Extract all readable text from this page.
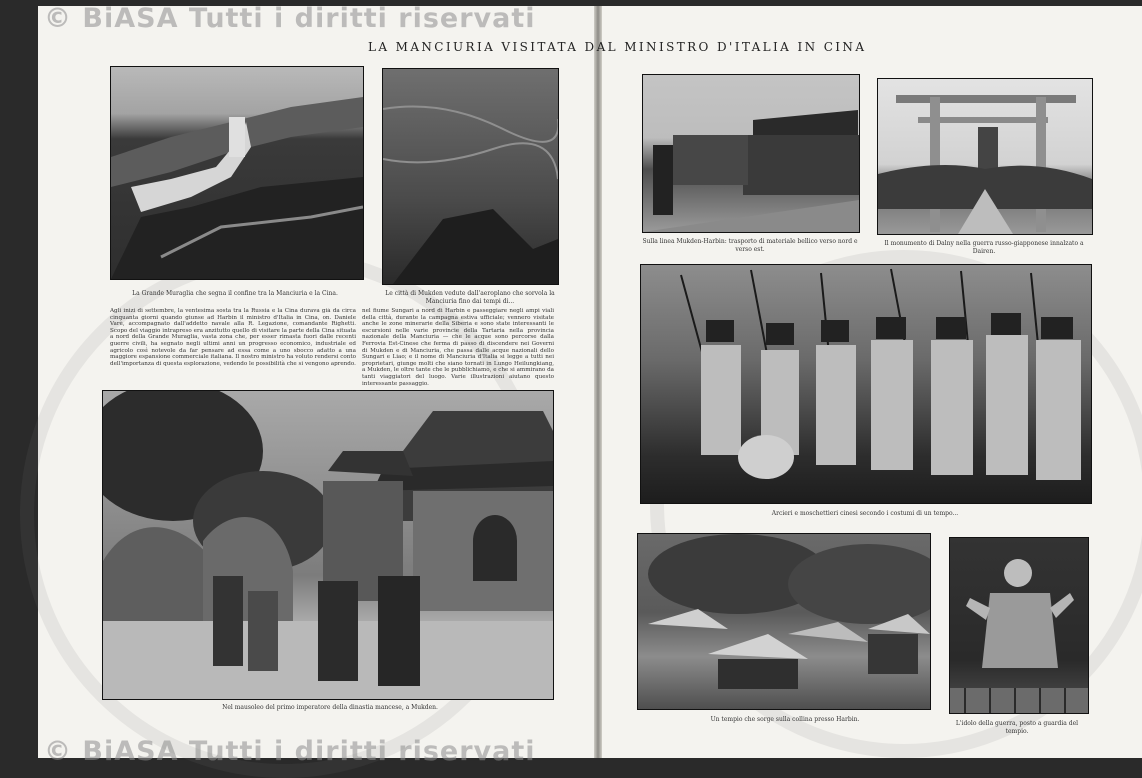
© BiASA Tutti i diritti riservati
© BiASA Tutti i diritti riservati
LA MANCIURIA VISITATA DAL MINISTRO D'ITALIA IN CINA
La Grande Muraglia che segna il confine tra la Manciuria e la Cina.	Le città di Mukden vedute dall'aeroplano che sorvola la Manciuria fino dai tempi di...
Agli inizi di settembre, la ventesima sosta tra la Russia e la Cina durava già da circa cinquanta giorni quando giunse ad Harbin il ministro d'Italia in Cina, on. Daniele Varè, accompagnato dall'addetto navale alla R. Legazione, comandante Righetti. Scopo del viaggio intrapreso era anzitutto quello di visitare la parte della Cina situata a nord della Grande Muraglia, vasta zona che, per esser rimasta fuori dalle recenti guerre civili, ha segnato negli ultimi anni un progresso economico, industriale ed agricolo così notevole da far pensare ad essa come a uno sbocco adatto a una maggiore espansione commerciale italiana. Il nostro ministro ha voluto rendersi conto dell'importanza di questa esplorazione, vedendo le possibilità che si vengono aprendo.
nel fiume Sungari a nord di Harbin e passeggiare negli ampi viali della città, durante la campagna estiva ufficiale; vennero visitate anche le zone minerarie della Siberia e sono state interessanti le escursioni nelle varie provincie della Tartaria nella provincia nazionale della Manciuria — che le acque sono percorse dalla Ferrovia Est-Cinese che ferma di passo di discendere nei Governi di Mukden e di Manciuria, che passa dalle acque nazionali dello Sungari e Liao; e il nome di Manciuria d'Italia si legge a tutti nei proprietari, giunge molti che siano tornati in Lungo Heilungkiang, a Mukden, le oltre tante che le pubblichiamo, e che si ammirano da tanti viaggiatori del luogo. Varie illustrazioni aiutano questo interessante passaggio.
Nel mausoleo del primo imperatore della dinastia mancese, a Mukden.
Sulla linea Mukden-Harbin: trasporto di materiale bellico verso nord e verso est.
Il monumento di Dalny nella guerra russo-giapponese innalzato a Dairen.
Arcieri e moschettieri cinesi secondo i costumi di un tempo...
Un tempio che sorge sulla collina presso Harbin.
L'idolo della guerra, posto a guardia del tempio.
